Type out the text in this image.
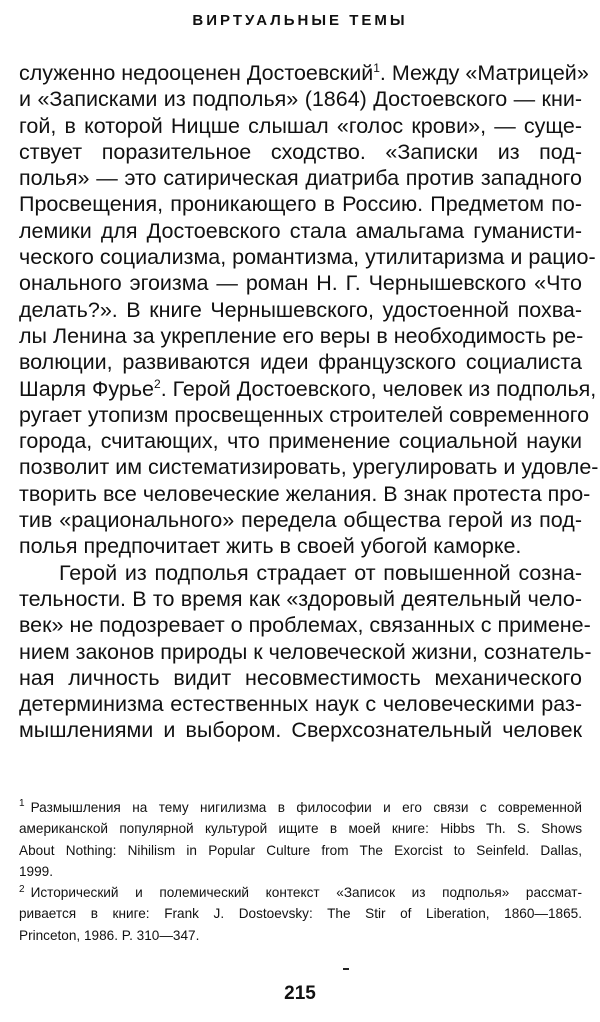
ВИРТУАЛЬНЫЕ ТЕМЫ
служенно недооценен Достоевский$^1$. Между «Матрицей»
и «Записками из подполья» (1864) Достоевского — кни-
гой, в которой Ницше слышал «голос крови», — суще-
ствует поразительное сходство. «Записки из под-
полья» — это сатирическая диатриба против западного
Просвещения, проникающего в Россию. Предметом по-
лемики для Достоевского стала амальгама гуманисти-
ческого социализма, романтизма, утилитаризма и рацио-
онального эгоизма — роман Н. Г. Чернышевского «Что
делать?». В книге Чернышевского, удостоенной похва-
лы Ленина за укрепление его веры в необходимость ре-
волюции, развиваются идеи французского социалиста
Шарля Фурье$^2$. Герой Достоевского, человек из подполья,
ругает утопизм просвещенных строителей современного
города, считающих, что применение социальной науки
позволит им систематизировать, урегулировать и удовле-
творить все человеческие желания. В знак протеста про-
тив «рационального» передела общества герой из под-
полья предпочитает жить в своей убогой каморке.
Герой из подполья страдает от повышенной созна-
тельности. В то время как «здоровый деятельный чело-
век» не подозревает о проблемах, связанных с примене-
нием законов природы к человеческой жизни, сознатель-
ная личность видит несовместимость механического
детерминизма естественных наук с человеческими раз-
мышлениями и выбором. Сверхсознательный человек
$^1$ Размышления на тему нигилизма в философии и его связи с современной
американской популярной культурой ищите в моей книге: Hibbs Th. S. Shows
About Nothing: Nihilism in Popular Culture from The Exorcist to Seinfeld. Dallas,
1999.
$^2$ Исторический и полемический контекст «Записок из подполья» рассмат-
ривается в книге: Frank J. Dostoevsky: The Stir of Liberation, 1860—1865.
Princeton, 1986. P. 310—347.
215
